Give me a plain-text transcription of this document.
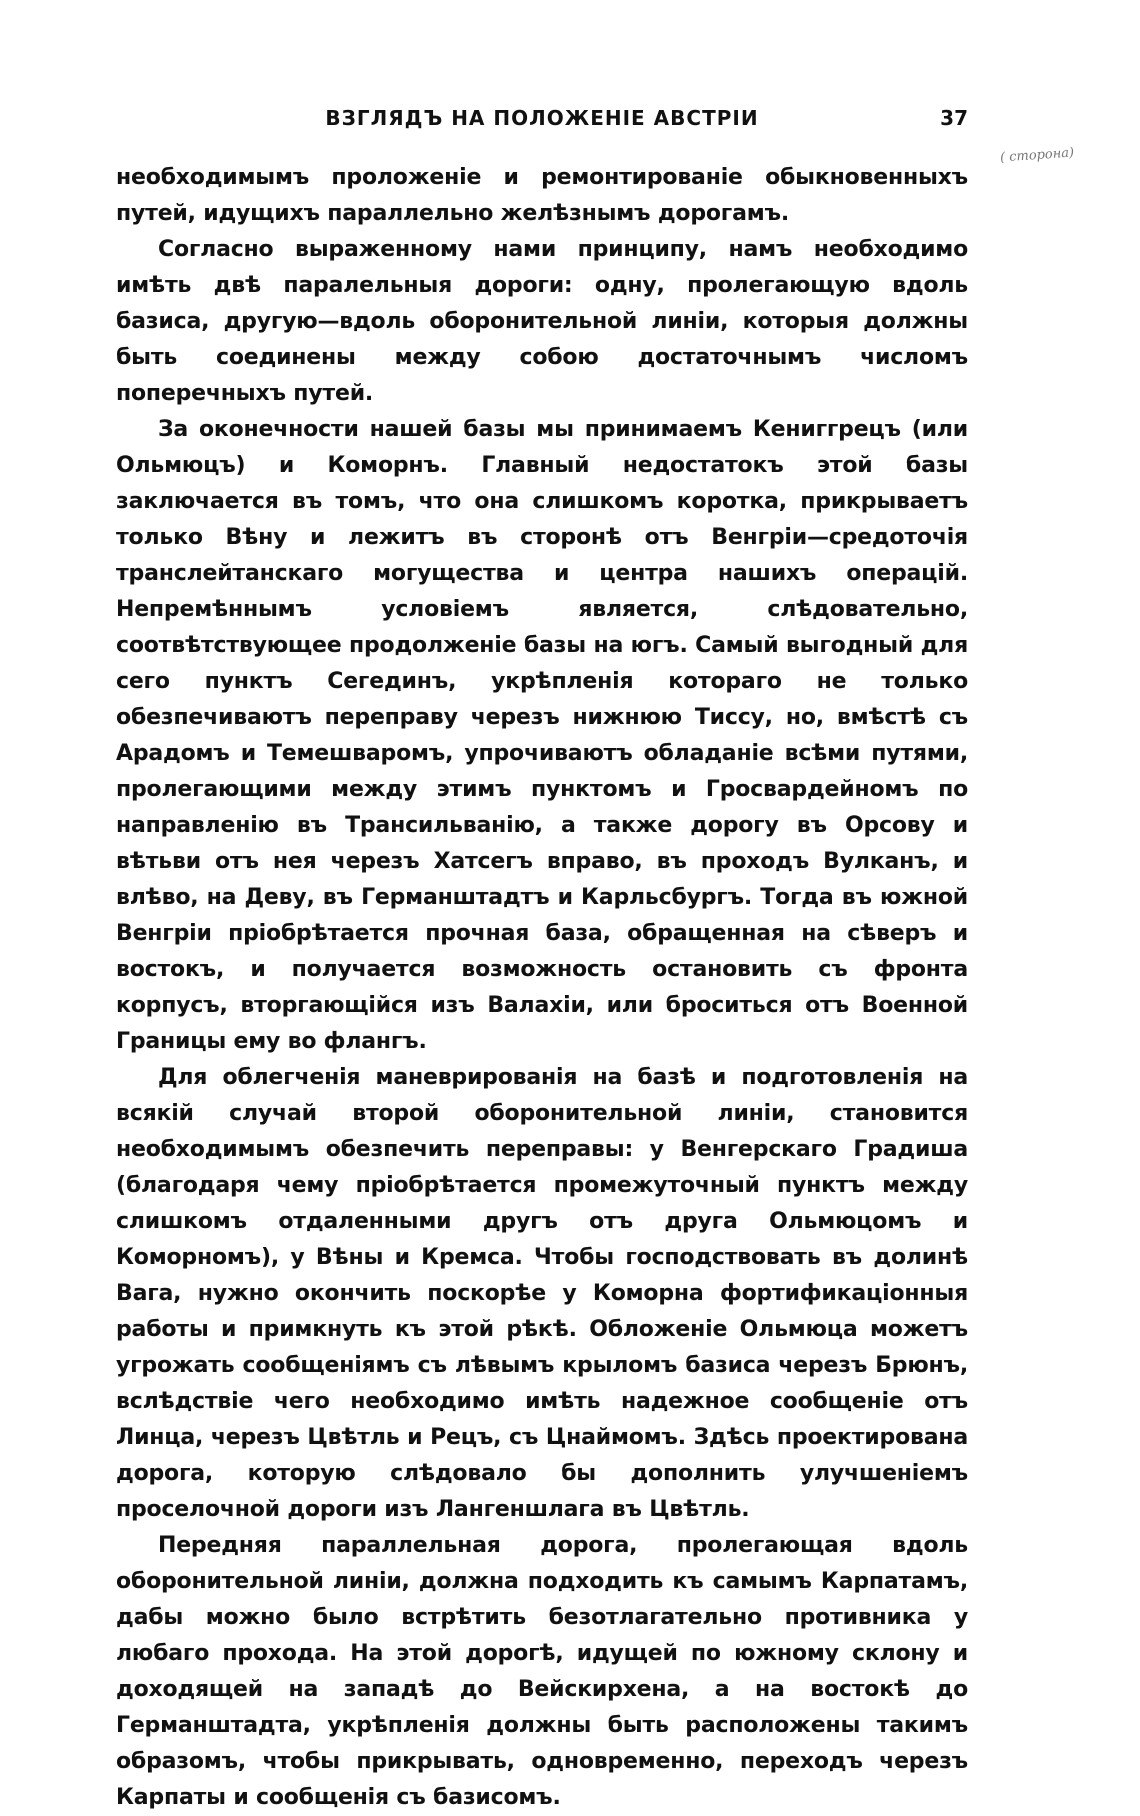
ВЗГЛЯДЪ НА ПОЛОЖЕНІЕ АВСТРІИ	37
( сторона)

необходимымъ проложеніе и ремонтированіе обыкновенныхъ путей, идущихъ параллельно желѣзнымъ дорогамъ.

Согласно выраженному нами принципу, намъ необходимо имѣть двѣ паралельныя дороги: одну, пролегающую вдоль базиса, другую—вдоль оборонительной линіи, которыя должны быть соединены между собою достаточнымъ числомъ поперечныхъ путей.

За оконечности нашей базы мы принимаемъ Кениггрецъ (или Ольмюцъ) и Коморнъ. Главный недостатокъ этой базы заключается въ томъ, что она слишкомъ коротка, прикрываетъ только Вѣну и лежитъ въ сторонѣ отъ Венгріи—средоточія транслейтанскаго могущества и центра нашихъ операцій. Непремѣннымъ условіемъ является, слѣдовательно, соотвѣтствующее продолженіе базы на югъ. Самый выгодный для сего пунктъ Сегединъ, укрѣпленія котораго не только обезпечиваютъ переправу черезъ нижнюю Тиссу, но, вмѣстѣ съ Арадомъ и Темешваромъ, упрочиваютъ обладаніе всѣми путями, пролегающими между этимъ пунктомъ и Гросвардейномъ по направленію въ Трансильванію, а также дорогу въ Орсову и вѣтьви отъ нея черезъ Хатсегъ вправо, въ проходъ Вулканъ, и влѣво, на Деву, въ Германштадтъ и Карльсбургъ. Тогда въ южной Венгріи пріобрѣтается прочная база, обращенная на сѣверъ и востокъ, и получается возможность остановить съ фронта корпусъ, вторгающійся изъ Валахіи, или броситься отъ Военной Границы ему во флангъ.

Для облегченія маневрированія на базѣ и подготовленія на всякій случай второй оборонительной линіи, становится необходимымъ обезпечить переправы: у Венгерскаго Градиша (благодаря чему пріобрѣтается промежуточный пунктъ между слишкомъ отдаленными другъ отъ друга Ольмюцомъ и Коморномъ), у Вѣны и Кремса. Чтобы господствовать въ долинѣ Вага, нужно окончить поскорѣе у Коморна фортификаціонныя работы и примкнуть къ этой рѣкѣ. Обложеніе Ольмюца можетъ угрожать сообщеніямъ съ лѣвымъ крыломъ базиса черезъ Брюнъ, вслѣдствіе чего необходимо имѣть надежное сообщеніе отъ Линца, черезъ Цвѣтль и Рецъ, съ Цнаймомъ. Здѣсь проектирована дорога, которую слѣдовало бы дополнить улучшеніемъ проселочной дороги изъ Лангеншлага въ Цвѣтль.

Передняя параллельная дорога, пролегающая вдоль оборонительной линіи, должна подходить къ самымъ Карпатамъ, дабы можно было встрѣтить безотлагательно противника у любаго прохода. На этой дорогѣ, идущей по южному склону и доходящей на западѣ до Вейскирхена, а на востокѣ до Германштадта, укрѣпленія должны быть расположены такимъ образомъ, чтобы прикрывать, одновременно, переходъ черезъ Карпаты и сообщенія съ базисомъ.
